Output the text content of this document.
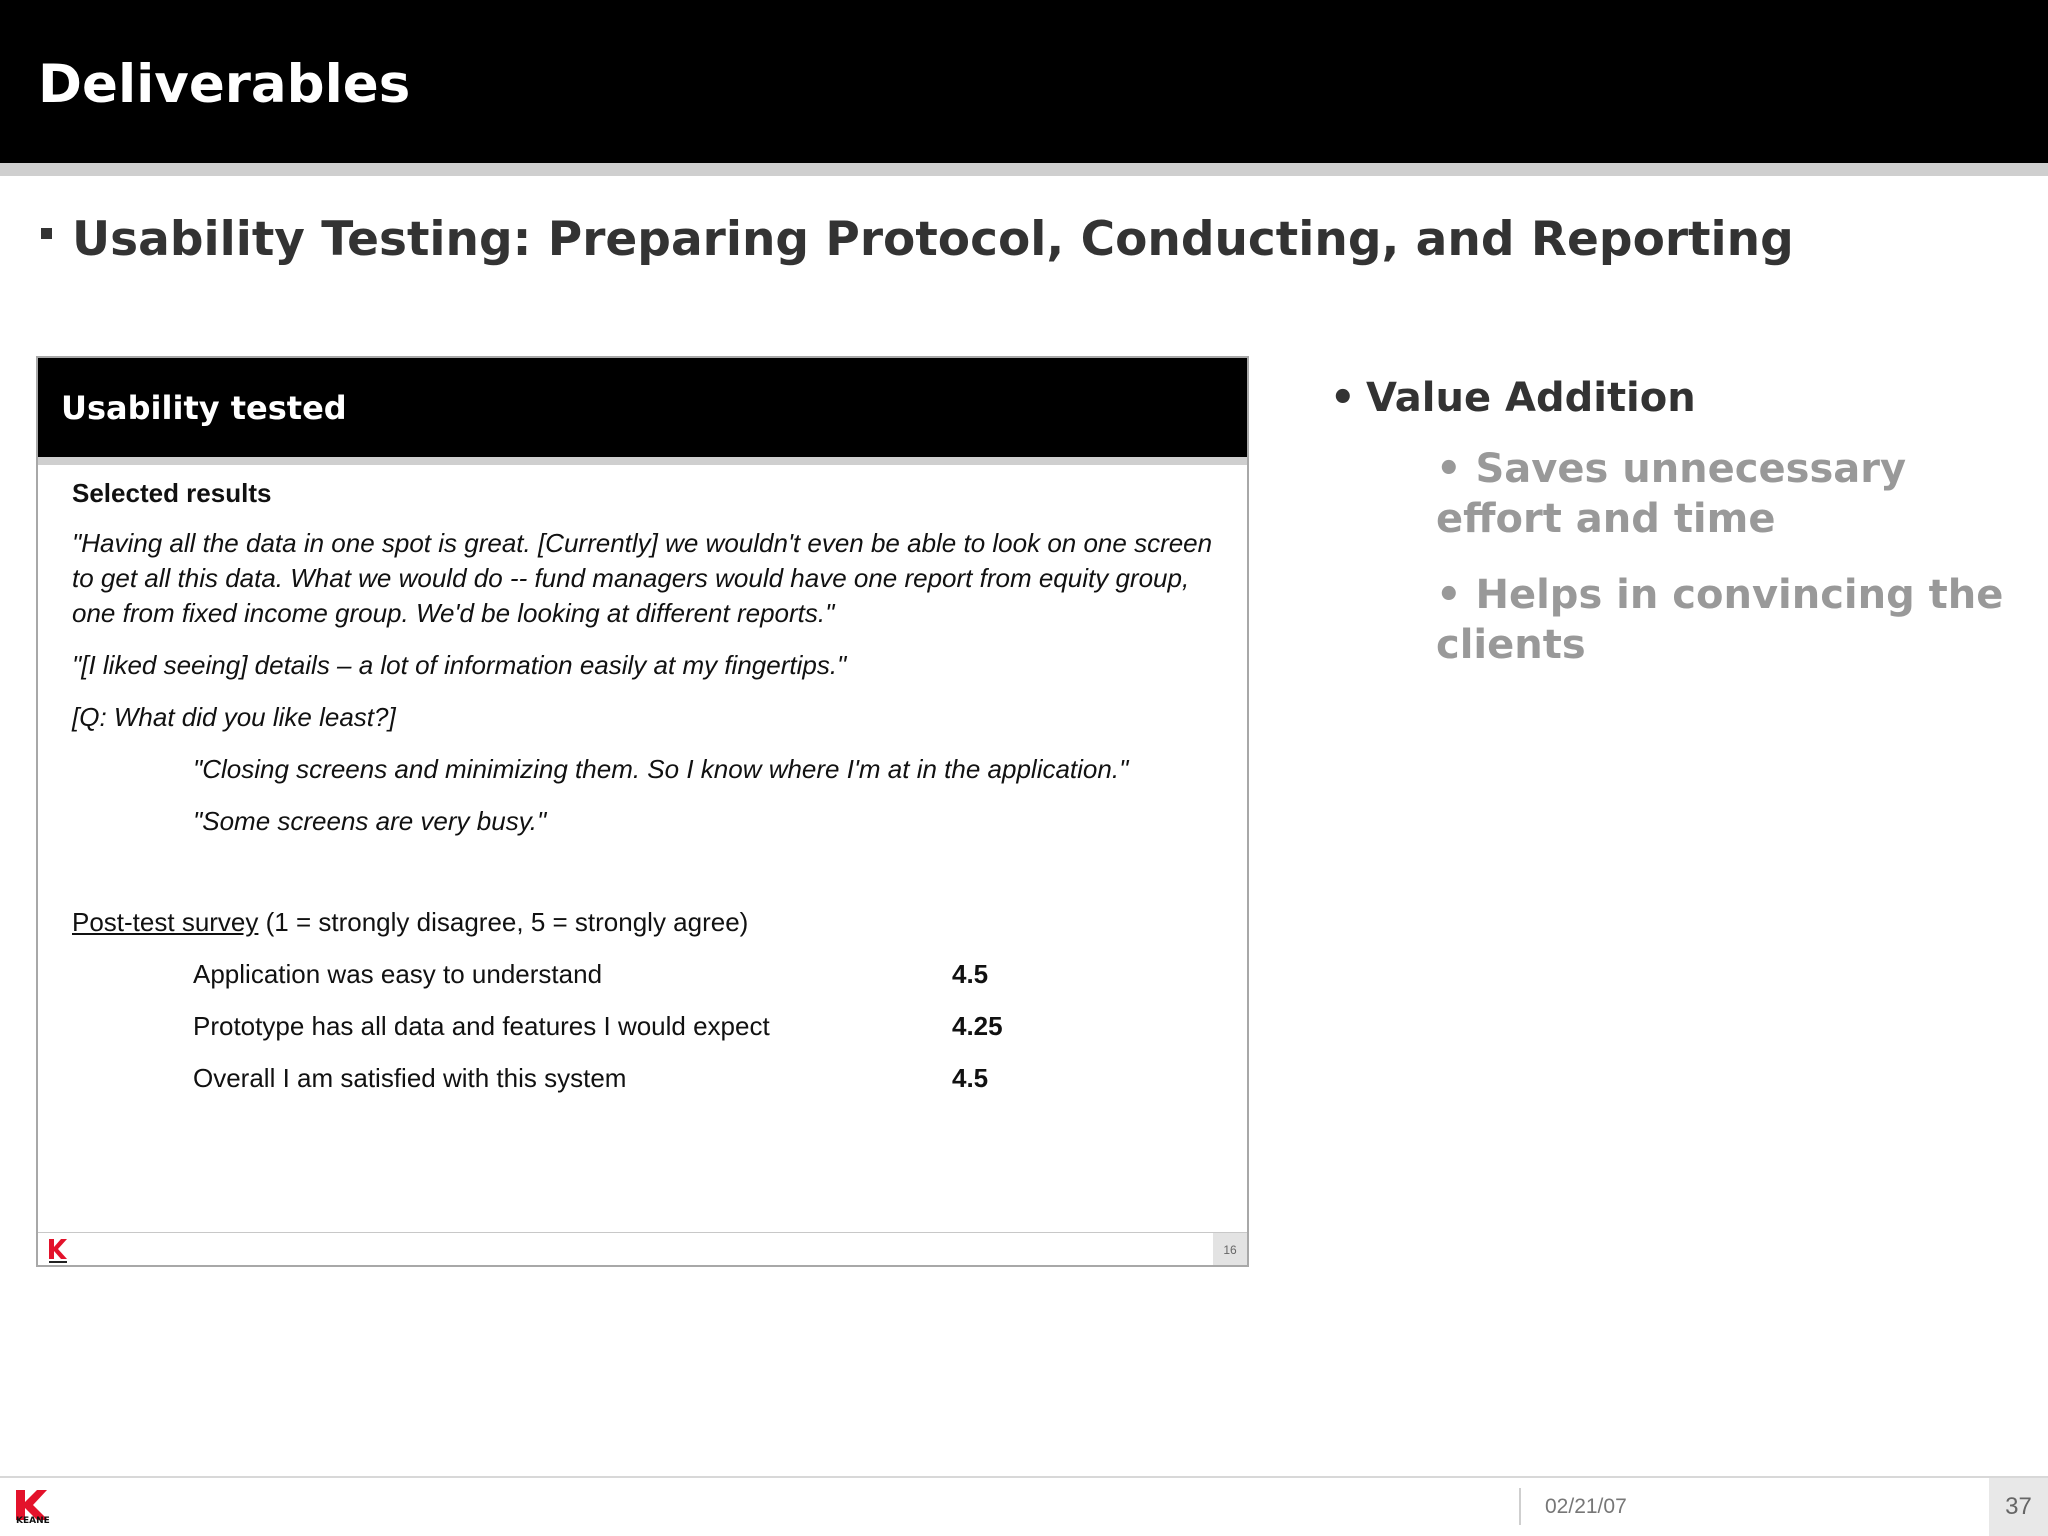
Deliverables
Usability Testing: Preparing Protocol, Conducting, and Reporting
Usability tested

Selected results

"Having all the data in one spot is great. [Currently] we wouldn't even be able to look on one screen to get all this data. What we would do -- fund managers would have one report from equity group, one from fixed income group. We'd be looking at different reports."

"[I liked seeing] details – a lot of information easily at my fingertips."

[Q: What did you like least?]

"Closing screens and minimizing them. So I know where I'm at in the application."

"Some screens are very busy."

Post-test survey (1 = strongly disagree, 5 = strongly agree)

Application was easy to understand	4.5
Prototype has all data and features I would expect	4.25
Overall I am satisfied with this system	4.5
16

• Value Addition

• Saves unnecessary effort and time

• Helps in convincing the clients

KEANE
02/21/07	37
